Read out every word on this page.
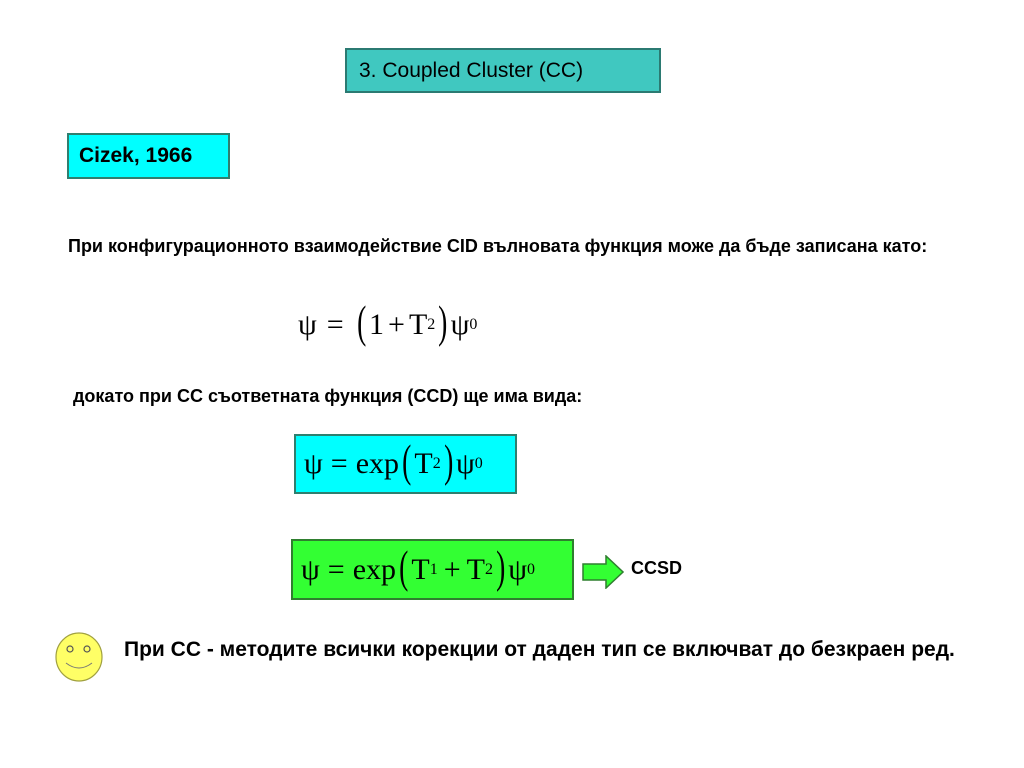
3. Coupled Cluster (CC)
Cizek, 1966
При конфигурационното взаимодействие CID вълновата функция може да бъде записана като:
ψ = ( 1 + T 2 ) ψ 0
докато при CC съответната функция (CCD) ще има вида:
ψ = exp ( T 2 ) ψ 0
ψ = exp ( T 1 + T 2 ) ψ 0	CCSD
При CC - методите всички корекции от даден тип се включват до безкраен ред.
